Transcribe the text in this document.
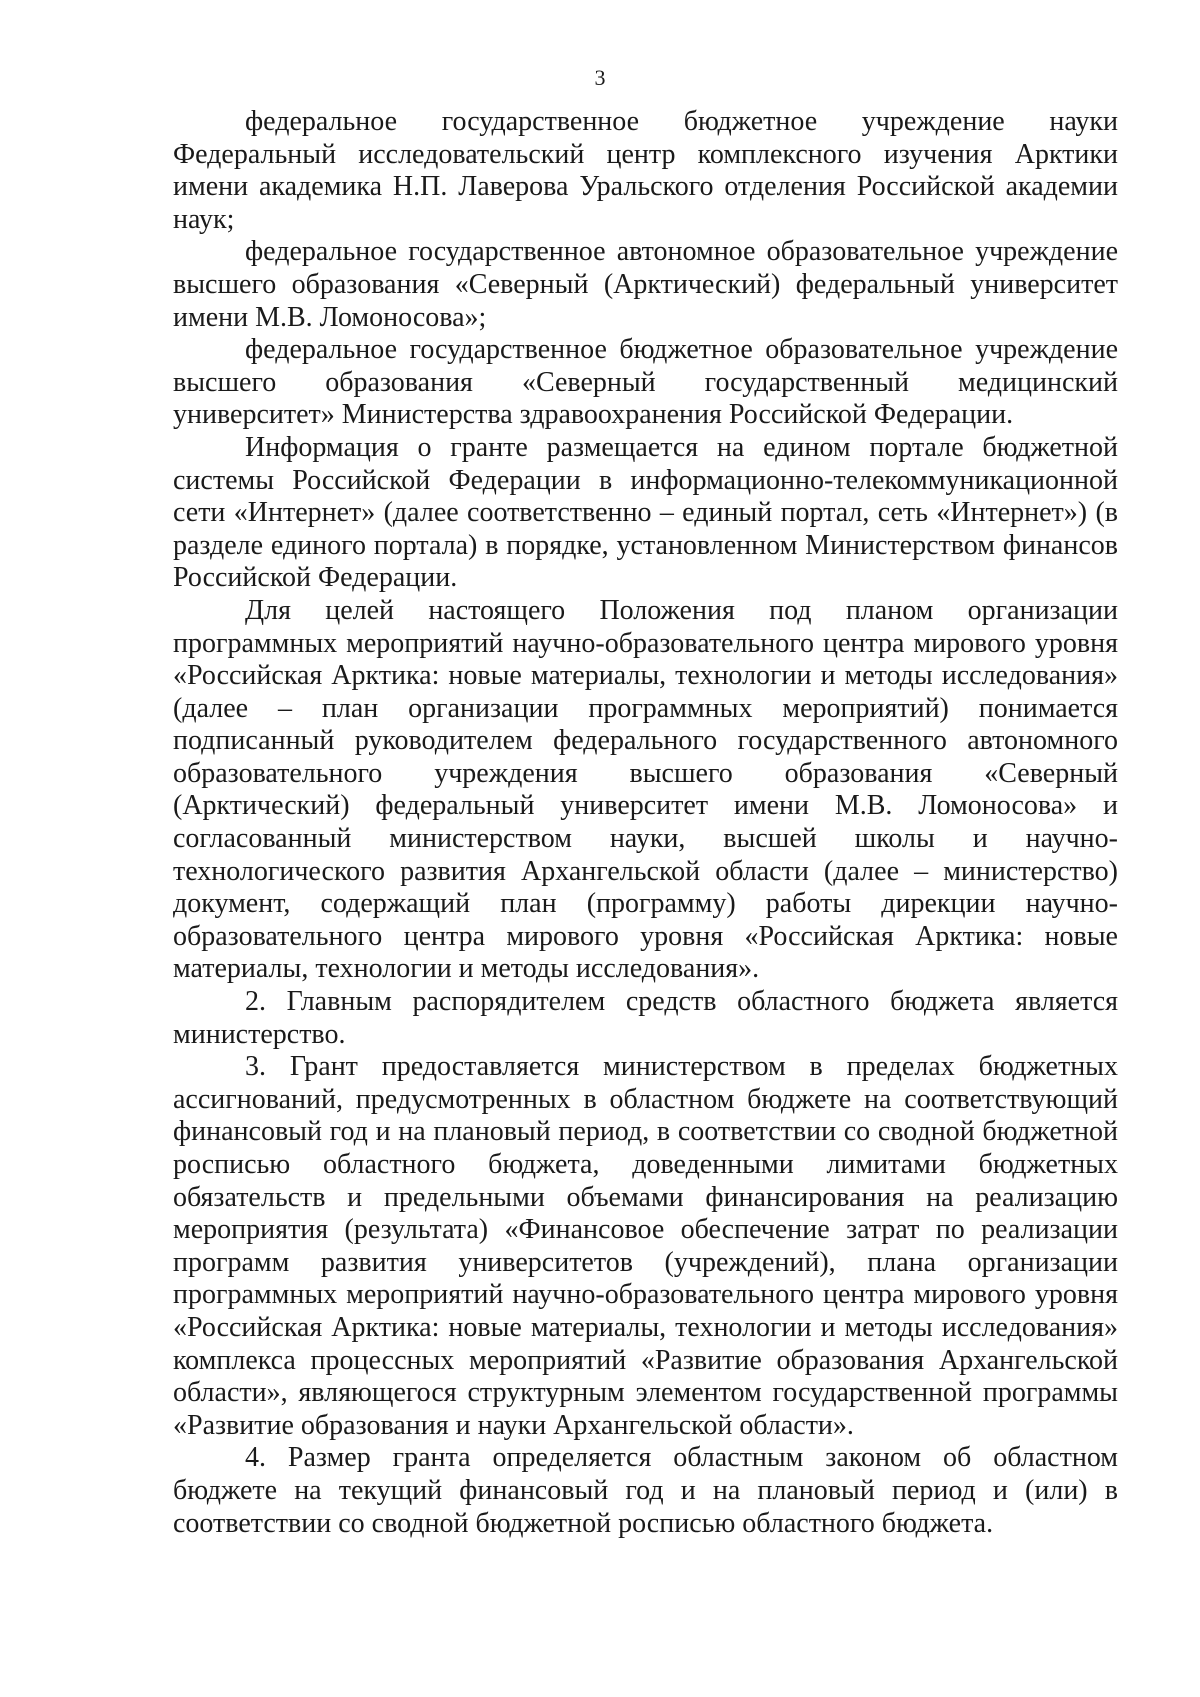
3

федеральное государственное бюджетное учреждение науки Федеральный исследовательский центр комплексного изучения Арктики имени академика Н.П. Лаверова Уральского отделения Российской академии наук;

федеральное государственное автономное образовательное учреждение высшего образования «Северный (Арктический) федеральный университет имени М.В. Ломоносова»;

федеральное государственное бюджетное образовательное учреждение высшего образования «Северный государственный медицинский университет» Министерства здравоохранения Российской Федерации.

Информация о гранте размещается на едином портале бюджетной системы Российской Федерации в информационно-телекоммуникационной сети «Интернет» (далее соответственно – единый портал, сеть «Интернет») (в разделе единого портала) в порядке, установленном Министерством финансов Российской Федерации.

Для целей настоящего Положения под планом организации программных мероприятий научно-образовательного центра мирового уровня «Российская Арктика: новые материалы, технологии и методы исследования» (далее – план организации программных мероприятий) понимается подписанный руководителем федерального государственного автономного образовательного учреждения высшего образования «Северный (Арктический) федеральный университет имени М.В. Ломоносова» и согласованный министерством науки, высшей школы и научно-технологического развития Архангельской области (далее – министерство) документ, содержащий план (программу) работы дирекции научно-образовательного центра мирового уровня «Российская Арктика: новые материалы, технологии и методы исследования».

2. Главным распорядителем средств областного бюджета является министерство.

3. Грант предоставляется министерством в пределах бюджетных ассигнований, предусмотренных в областном бюджете на соответствующий финансовый год и на плановый период, в соответствии со сводной бюджетной росписью областного бюджета, доведенными лимитами бюджетных обязательств и предельными объемами финансирования на реализацию мероприятия (результата) «Финансовое обеспечение затрат по реализации программ развития университетов (учреждений), плана организации программных мероприятий научно-образовательного центра мирового уровня «Российская Арктика: новые материалы, технологии и методы исследования» комплекса процессных мероприятий «Развитие образования Архангельской области», являющегося структурным элементом государственной программы «Развитие образования и науки Архангельской области».

4. Размер гранта определяется областным законом об областном бюджете на текущий финансовый год и на плановый период и (или) в соответствии со сводной бюджетной росписью областного бюджета.
